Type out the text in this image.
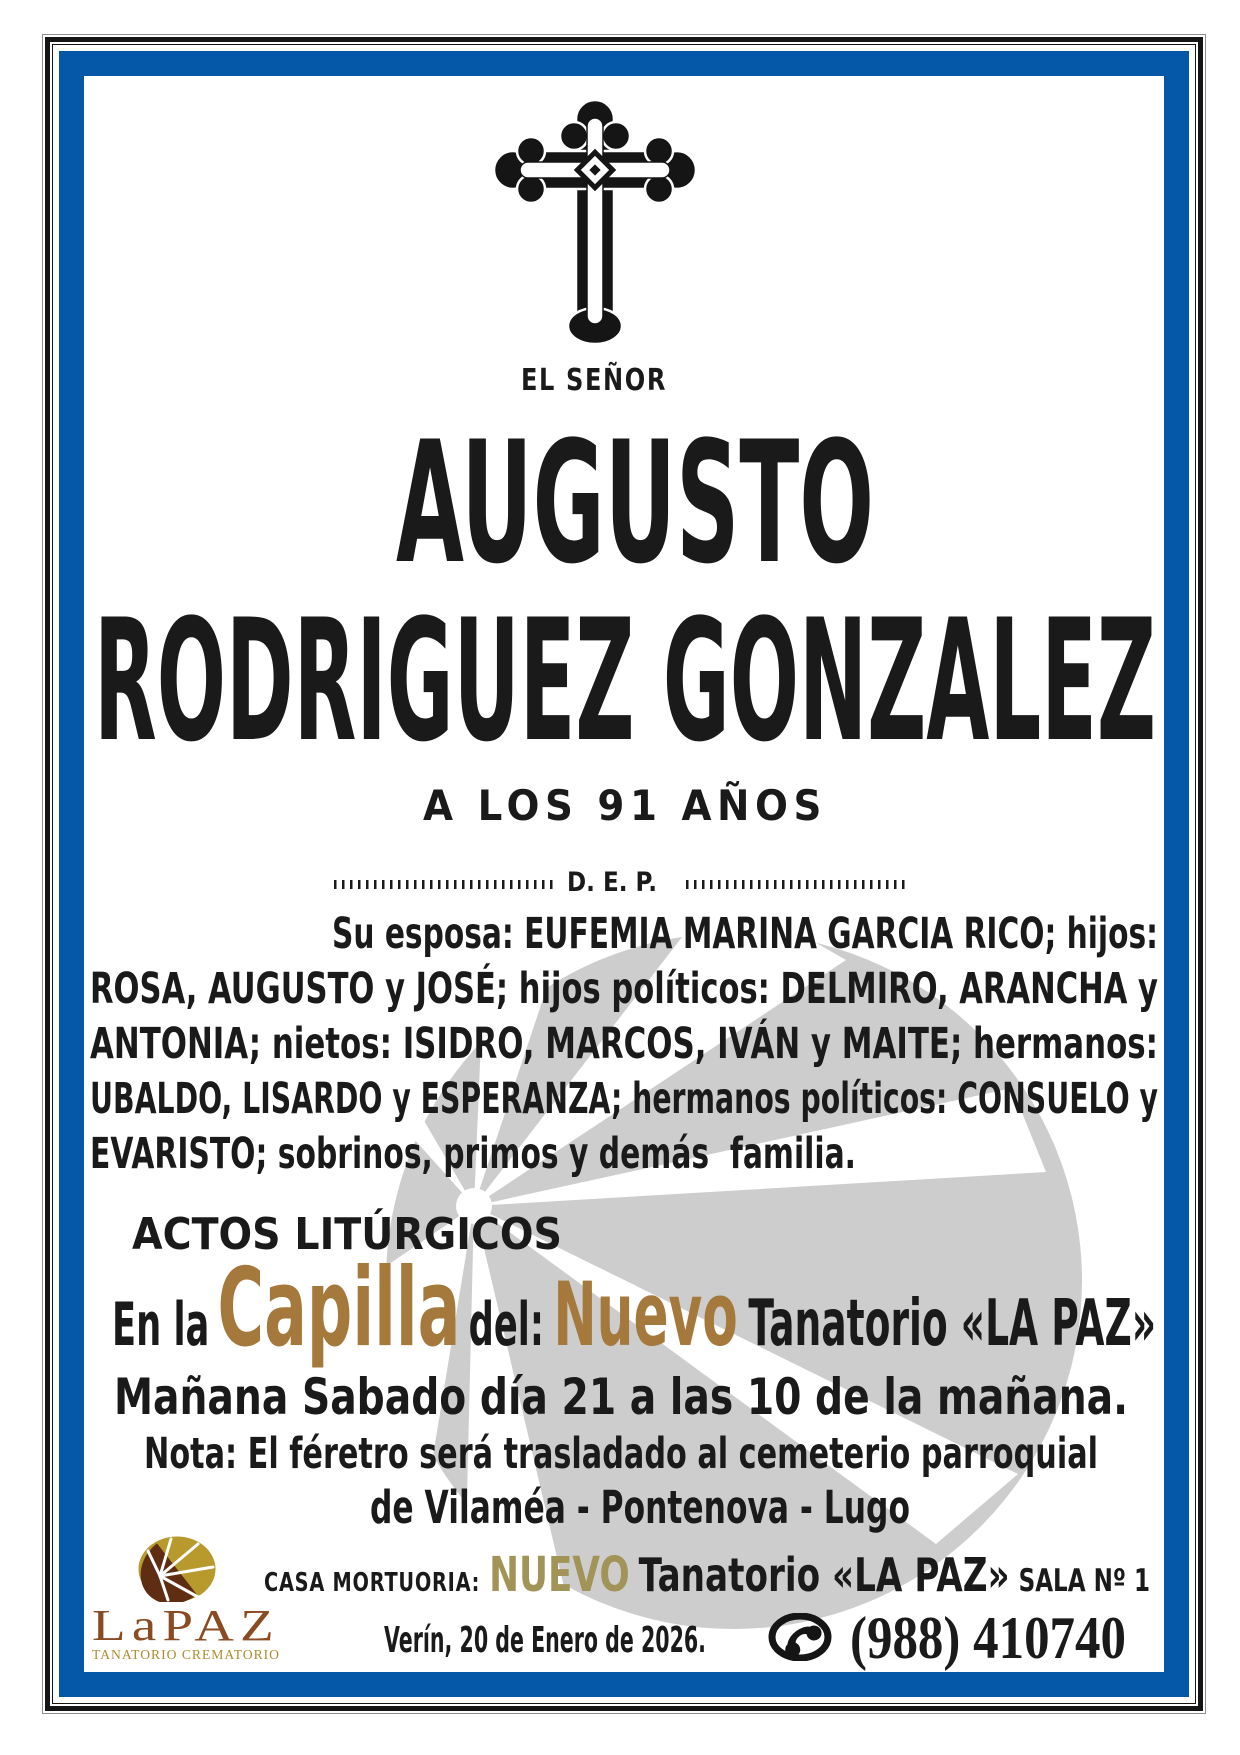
EL SEÑOR
AUGUSTO
RODRIGUEZ GONZALEZ
A LOS 91 AÑOS
D. E. P.
Su esposa: EUFEMIA MARINA GARCIA RICO; hijos:
ROSA, AUGUSTO y JOSÉ; hijos políticos: DELMIRO, ARANCHA y
ANTONIA; nietos: ISIDRO, MARCOS, IVÁN y MAITE; hermanos:
UBALDO, LISARDO y ESPERANZA; hermanos políticos: CONSUELO y
EVARISTO; sobrinos, primos y demás  familia.
ACTOS LITÚRGICOS
En la Capilla del: Nuevo Tanatorio «LA PAZ»
Mañana Sabado día 21 a las 10 de la mañana.
Nota: El féretro será trasladado al cemeterio parroquial
de Vilaméa - Pontenova - Lugo
CASA MORTUORIA: NUEVO Tanatorio «LA PAZ» SALA Nº 1
LaPAZ
TANATORIO CREMATORIO	Verín, 20 de Enero de 2026. (988) 410740
